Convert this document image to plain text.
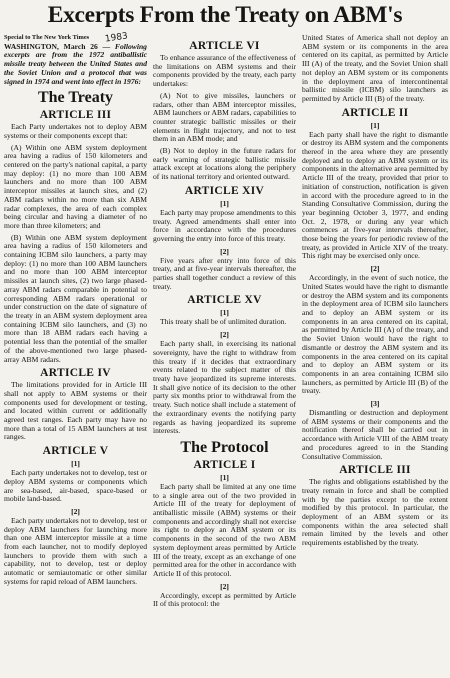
Excerpts From the Treaty on ABM's
1983

Special to The New York Times

WASHINGTON, March 26 — Following excerpts are from the 1972 antiballistic missile treaty between the United States and the Soviet Union and a protocol that was signed in 1974 and went into effect in 1976:

The Treaty
ARTICLE III

Each Party undertakes not to deploy ABM systems or their components except that:

(A) Within one ABM system deployment area having a radius of 150 kilometers and centered on the party's national capital, a party may deploy: (1) no more than 100 ABM launchers and no more than 100 ABM interceptor missiles at launch sites, and (2) ABM radars within no more than six ABM radar complexes, the area of each complex being circular and having a diameter of no more than three kilometers; and

(B) Within one ABM system deployment area having a radius of 150 kilometers and containing ICBM silo launchers, a party may deploy: (1) no more than 100 ABM launchers and no more than 100 ABM interceptor missiles at launch sites, (2) two large phased-array ABM radars comparable in potential to corresponding ABM radars operational or under construction on the date of signature of the treaty in an ABM system deployment area containing ICBM silo launchers, and (3) no more than 18 ABM radars each having a potential less than the potential of the smaller of the above-mentioned two large phased-array ABM radars.

ARTICLE IV

The limitations provided for in Article III shall not apply to ABM systems or their components used for development or testing, and located within current or additionally agreed test ranges. Each party may have no more than a total of 15 ABM launchers at test ranges.

ARTICLE V
[1]

Each party undertakes not to develop, test or deploy ABM systems or components which are sea-based, air-based, space-based or mobile land-based.

[2]

Each party undertakes not to develop, test or deploy ABM launchers for launching more than one ABM interceptor missile at a time from each launcher, not to modify deployed launchers to provide them with such a capability, not to develop, test or deploy automatic or semiautomatic or other similar systems for rapid reload of ABM launchers.

ARTICLE VI

To enhance assurance of the effectiveness of the limitations on ABM systems and their components provided by the treaty, each party undertakes:

(A) Not to give missiles, launchers or radars, other than ABM interceptor missiles, ABM launchers or ABM radars, capabilities to counter strategic ballistic missiles or their elements in flight trajectory, and not to test them in an ABM mode; and

(B) Not to deploy in the future radars for early warning of strategic ballistic missile attack except at locations along the periphery of its national territory and oriented outward.

ARTICLE XIV
[1]

Each party may propose amendments to this treaty. Agreed amendments shall enter into force in accordance with the procedures governing the entry into force of this treaty.

[2]

Five years after entry into force of this treaty, and at five-year intervals thereafter, the parties shall together conduct a review of this treaty.

ARTICLE XV
[1]

This treaty shall be of unlimited duration.

[2]

Each party shall, in exercising its national sovereignty, have the right to withdraw from this treaty if it decides that extraordinary events related to the subject matter of this treaty have jeopardized its supreme interests. It shall give notice of its decision to the other party six months prior to withdrawal from the treaty. Such notice shall include a statement of the extraordinary events the notifying party regards as having jeopardized its supreme interests.

The Protocol
ARTICLE I
[1]

Each party shall be limited at any one time to a single area out of the two provided in Article III of the treaty for deployment of antiballistic missile (ABM) systems or their components and accordingly shall not exercise its right to deploy an ABM system or its components in the second of the two ABM system deployment areas permitted by Article III of the treaty, except as an exchange of one permitted area for the other in accordance with Article II of this protocol.

[2]

Accordingly, except as permitted by Article II of this protocol: the

United States of America shall not deploy an ABM system or its components in the area centered on its capital, as permitted by Article III (A) of the treaty, and the Soviet Union shall not deploy an ABM system or its components in the deployment area of intercontinental ballistic missile (ICBM) silo launchers as permitted by Article III (B) of the treaty.

ARTICLE II
[1]

Each party shall have the right to dismantle or destroy its ABM system and the components thereof in the area where they are presently deployed and to deploy an ABM system or its components in the alternative area permitted by Article III of the treaty, provided that prior to initiation of construction, notification is given in accord with the procedure agreed to in the Standing Consultative Commission, during the year beginning October 3, 1977, and ending Oct. 2, 1978, or during any year which commences at five-year intervals thereafter, those being the years for periodic review of the treaty, as provided in Article XIV of the treaty. This right may be exercised only once.

[2]

Accordingly, in the event of such notice, the United States would have the right to dismantle or destroy the ABM system and its components in the deployment area of ICBM silo launchers and to deploy an ABM system or its components in an area centered on its capital, as permitted by Article III (A) of the treaty, and the Soviet Union would have the right to dismantle or destroy the ABM system and its components in the area centered on its capital and to deploy an ABM system or its components in an area containing ICBM silo launchers, as permitted by Article III (B) of the treaty.

[3]

Dismantling or destruction and deployment of ABM systems or their components and the notification thereof shall be carried out in accordance with Article VIII of the ABM treaty and procedures agreed to in the Standing Consultative Commission.

ARTICLE III

The rights and obligations established by the treaty remain in force and shall be complied with by the parties except to the extent modified by this protocol. In particular, the deployment of an ABM system or its components within the area selected shall remain limited by the levels and other requirements established by the treaty.
